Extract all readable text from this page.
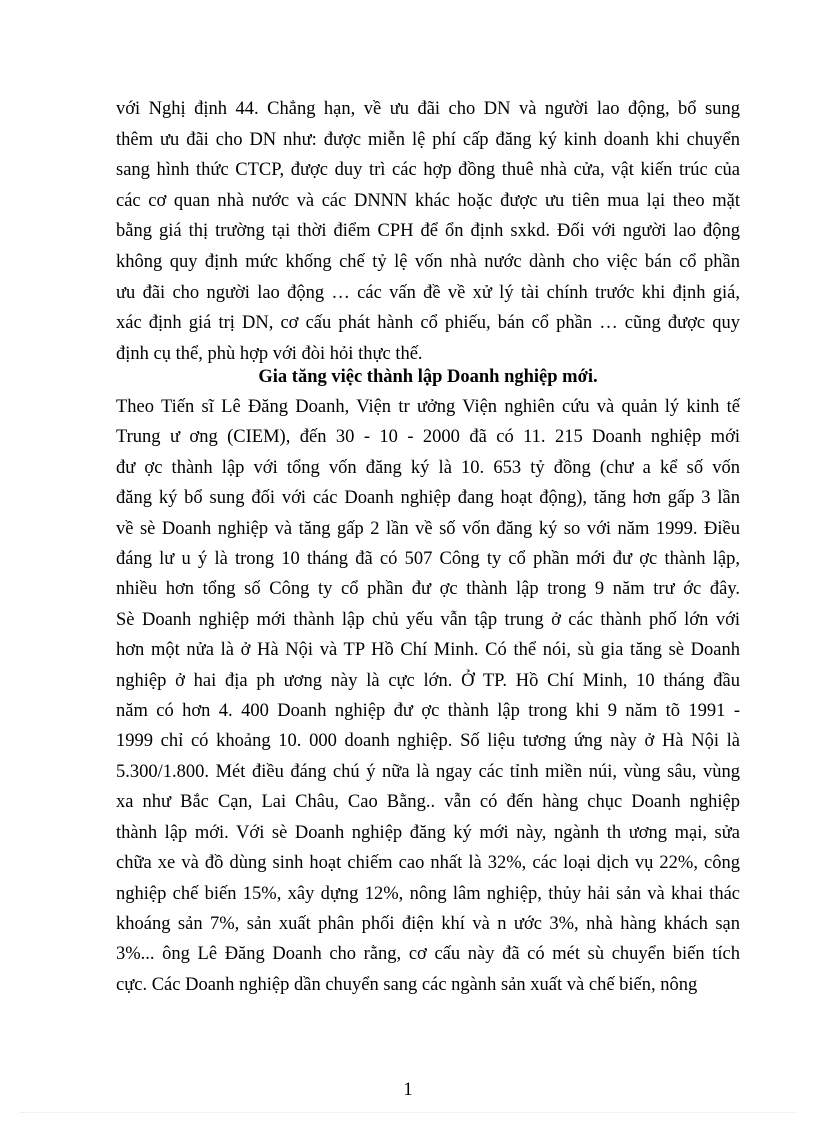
với Nghị định 44. Chẳng hạn, về ưu đãi cho DN và người lao động, bổ sung
thêm ưu đãi cho DN như: được miễn lệ phí cấp đăng ký kinh doanh khi chuyển
sang hình thức CTCP, được duy trì các hợp đồng thuê nhà cửa, vật kiến trúc của
các cơ quan nhà nước và các DNNN khác hoặc được ưu tiên mua lại theo mặt
bằng giá thị trường tại thời điểm CPH để ổn định sxkd. Đối với người lao động
không quy định mức khống chế tỷ lệ vốn nhà nước dành cho việc bán cổ phần
ưu đãi cho người lao động … các vấn đề về xử lý tài chính trước khi định giá,
xác định giá trị DN, cơ cấu phát hành cổ phiếu, bán cổ phần … cũng được quy
định cụ thể, phù hợp với đòi hỏi thực thế.
Gia tăng việc thành lập Doanh nghiệp mới.
Theo Tiến sĩ Lê Đăng Doanh, Viện tr ưởng Viện nghiên cứu và quản lý kinh tế
Trung ư ơng (CIEM), đến 30 - 10 - 2000 đã có 11. 215 Doanh nghiệp mới
đư ợc thành lập với tổng vốn đăng ký là 10. 653 tỷ đồng (chư a kể số vốn
đăng ký bổ sung đối với các Doanh nghiệp đang hoạt động), tăng hơn gấp 3 lần
về sè Doanh nghiệp và tăng gấp 2 lần về số vốn đăng ký so với năm 1999. Điều
đáng lư u ý là trong 10 tháng đã có 507 Công ty cổ phần mới đư ợc thành lập,
nhiều hơn tổng số Công ty cổ phần đư ợc thành lập trong 9 năm trư ớc đây.
Sè Doanh nghiệp mới thành lập chủ yếu vẫn tập trung ở các thành phố lớn với
hơn một nửa là ở Hà Nội và TP Hồ Chí Minh. Có thể nói, sù gia tăng sè Doanh
nghiệp ở hai địa ph ương này là cực lớn. Ở TP. Hồ Chí Minh, 10 tháng đầu
năm có hơn 4. 400 Doanh nghiệp đư ợc thành lập trong khi 9 năm tõ 1991 -
1999 chỉ có khoảng 10. 000 doanh nghiệp. Số liệu tương ứng này ở Hà Nội là
5.300/1.800. Mét điều đáng chú ý nữa là ngay các tỉnh miền núi, vùng sâu, vùng
xa như Bắc Cạn, Lai Châu, Cao Bằng.. vẫn có đến hàng chục Doanh nghiệp
thành lập mới. Với sè Doanh nghiệp đăng ký mới này, ngành th ương mại, sửa
chữa xe và đồ dùng sinh hoạt chiếm cao nhất là 32%, các loại dịch vụ 22%, công
nghiệp chế biến 15%, xây dựng 12%, nông lâm nghiệp, thủy hải sản và khai thác
khoáng sản 7%, sản xuất phân phối điện khí và n ước 3%, nhà hàng khách sạn
3%... ông Lê Đăng Doanh cho rằng, cơ cấu này đã có mét sù chuyển biến tích
cực. Các Doanh nghiệp dần chuyển sang các ngành sản xuất và chế biến, nông
1
